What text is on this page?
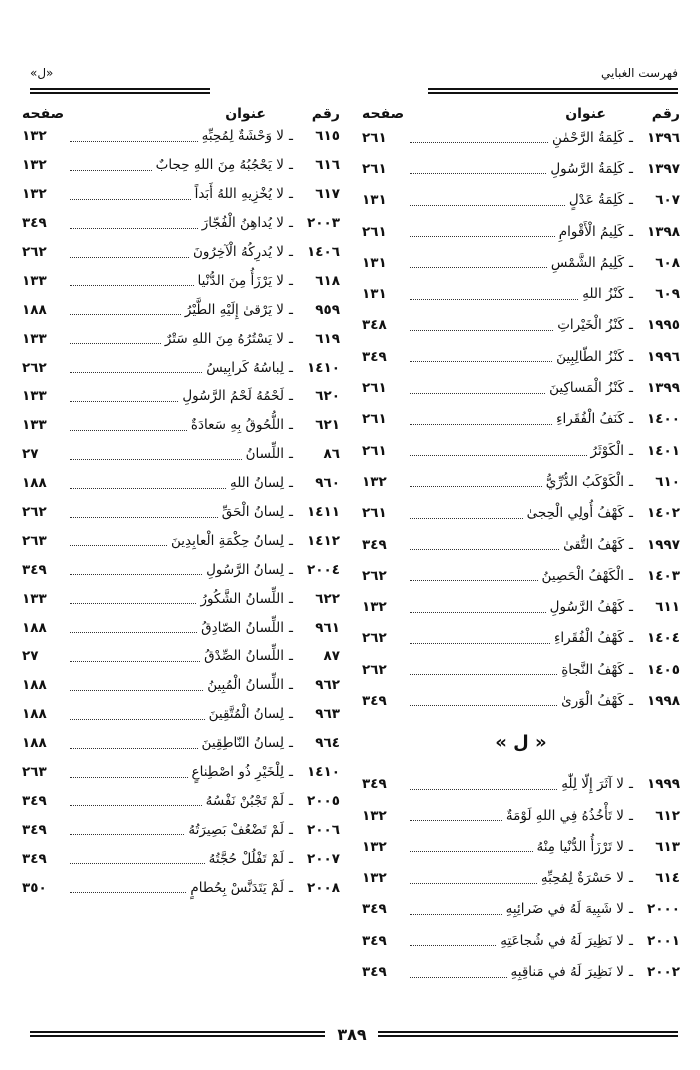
فهرست الغبايي
«ل»
رقم
عنوان
صفحه
١٣٩٦
ـ
كَلِمَةُ الرَّحْمٰنِ
٢٦١
١٣٩٧
ـ
كَلِمَةُ الرَّسُولِ
٢٦١
٦٠٧
ـ
كَلِمَةُ عَدْلٍ
١٣١
١٣٩٨
ـ
كَلِيمُ الْأَقْوامِ
٢٦١
٦٠٨
ـ
كَلِيمُ الشَّمْسِ
١٣١
٦٠٩
ـ
كَنْزُ اللهِ
١٣١
١٩٩٥
ـ
كَنْزُ الْخَيْراتِ
٣٤٨
١٩٩٦
ـ
كَنْزُ الطّالِبِينَ
٣٤٩
١٣٩٩
ـ
كَنْزُ الْمَساكِينَ
٢٦١
١٤٠٠
ـ
كَنَفُ الْفُقَراءِ
٢٦١
١٤٠١
ـ
الْكَوْثَرُ
٢٦١
٦١٠
ـ
الْكَوْكَبُ الدُّرِّيُّ
١٣٢
١٤٠٢
ـ
كَهْفُ أُولِي الْحِجىٰ
٢٦١
١٩٩٧
ـ
كَهْفُ التُّقىٰ
٣٤٩
١٤٠٣
ـ
الْكَهْفُ الْحَصِينُ
٢٦٢
٦١١
ـ
كَهْفُ الرَّسُولِ
١٣٢
١٤٠٤
ـ
كَهْفُ الْفُقَراءِ
٢٦٢
١٤٠٥
ـ
كَهْفُ النَّجاةِ
٢٦٢
١٩٩٨
ـ
كَهْفُ الْوَرىٰ
٣٤٩
« ل »
١٩٩٩
ـ
لا آثَرَ إِلّا لِلّٰهِ
٣٤٩
٦١٢
ـ
لا تَأْخُذُهُ فِي اللهِ لَوْمَةٌ
١٣٢
٦١٣
ـ
لا تَرْزَأُ الدُّنْيا مِنْهُ
١٣٢
٦١٤
ـ
لا حَسْرَةٌ لِمُحِبِّهِ
١٣٢
٢٠٠٠
ـ
لا شَبِيهَ لَهُ في ضَرائِبِهِ
٣٤٩
٢٠٠١
ـ
لا نَظِيرَ لَهُ في شُجاعَتِهِ
٣٤٩
٢٠٠٢
ـ
لا نَظِيرَ لَهُ في مَناقِبِهِ
٣٤٩
رقم
عنوان
صفحه
٦١٥
ـ
لا وَحْشَةٌ لِمُحِبِّهِ
١٣٢
٦١٦
ـ
لا يَحْجُبُهُ مِنَ اللهِ حِجابٌ
١٣٢
٦١٧
ـ
لا يُخْزِيهِ اللهُ أَبَداً
١٣٢
٢٠٠٣
ـ
لا يُداهِنُ الْفُجّارَ
٣٤٩
١٤٠٦
ـ
لا يُدرِكُهُ الْآخِرُونَ
٢٦٢
٦١٨
ـ
لا يَرْزَأُ مِنَ الدُّنْيا
١٣٣
٩٥٩
ـ
لا يَرْقىٰ إِلَيْهِ الطَّيْرُ
١٨٨
٦١٩
ـ
لا يَسْتُرُهُ مِنَ اللهِ سَتْرٌ
١٣٣
١٤١٠
ـ
لِباسُهُ كَرابِيسُ
٢٦٢
٦٢٠
ـ
لَحْمُهُ لَحْمُ الرَّسُولِ
١٣٣
٦٢١
ـ
اللُّحُوقُ بِهِ سَعادَةٌ
١٣٣
٨٦
ـ
اللِّسانُ
٢٧
٩٦٠
ـ
لِسانُ اللهِ
١٨٨
١٤١١
ـ
لِسانُ الْحَقِّ
٢٦٢
١٤١٢
ـ
لِسانُ حِكْمَةِ الْعابِدِينَ
٢٦٣
٢٠٠٤
ـ
لِسانُ الرَّسُولِ
٣٤٩
٦٢٢
ـ
اللِّسانُ الشَّكُورُ
١٣٣
٩٦١
ـ
اللِّسانُ الصّادِقُ
١٨٨
٨٧
ـ
اللِّسانُ الصِّدْقُ
٢٧
٩٦٢
ـ
اللِّسانُ الْمُبِينُ
١٨٨
٩٦٣
ـ
لِسانُ الْمُتَّقِينَ
١٨٨
٩٦٤
ـ
لِسانُ النّاطِقِينَ
١٨٨
١٤١٠
ـ
لِلْخَيْرِ ذُو اصْطِناعٍ
٢٦٣
٢٠٠٥
ـ
لَمْ تَجْبُنْ نَفْسُهُ
٣٤٩
٢٠٠٦
ـ
لَمْ تَضْعُفْ بَصِيرَتُهُ
٣٤٩
٢٠٠٧
ـ
لَمْ تَفْلُلْ حُجَّتُهُ
٣٤٩
٢٠٠٨
ـ
لَمْ يَتَدَنَّسْ بِحُطامٍ
٣٥٠
٣٨٩
